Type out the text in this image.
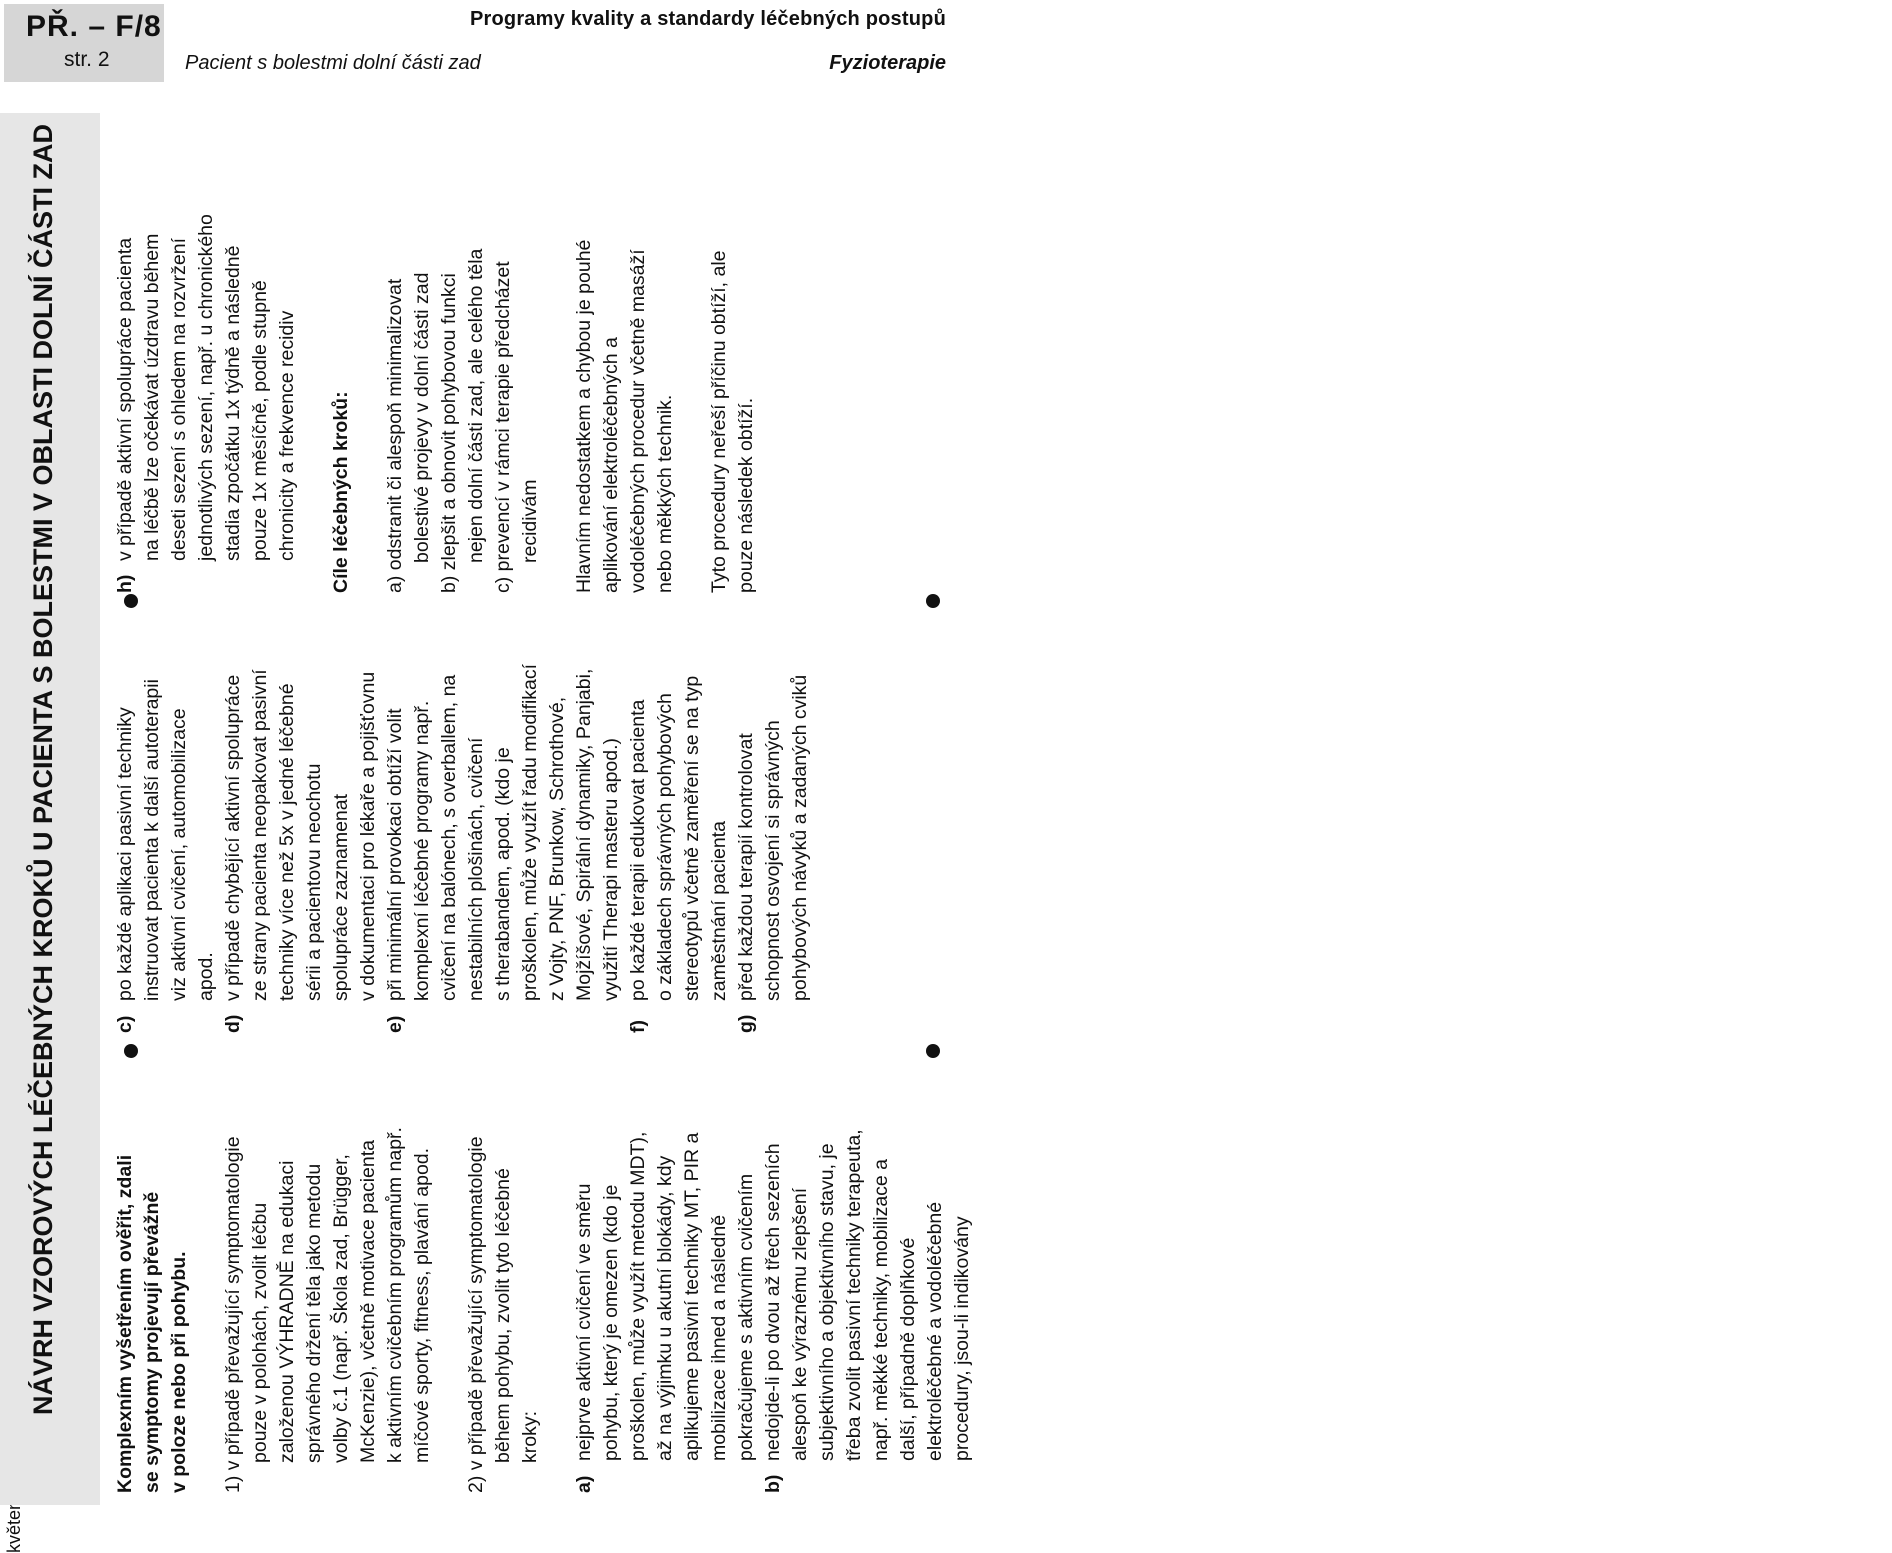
PŘ. – F/8
str. 2
Programy kvality a standardy léčebných postupů
Pacient s bolestmi dolní části zad	Fyzioterapie
NÁVRH VZOROVÝCH LÉČEBNÝCH KROKŮ U PACIENTA S BOLESTMI V OBLASTI DOLNÍ ČÁSTI ZAD	Komplexním vyšetřením ověřit, zdali se symptomy projevují převážně v poloze nebo při pohybu. 1) v případě převažující symptomatologie pouze v polohách, zvolit léčbu založenou VÝHRADNĚ na edukaci správného držení těla jako metodu volby č.1 (např. Škola zad, Brügger, McKenzie), včetně motivace pacienta k aktivním cvičebním programům např. míčové sporty, fitness, plavání apod. 2) v případě převažující symptomatologie během pohybu, zvolit tyto léčebné kroky:

a)

nejprve aktivní cvičení ve směru pohybu, který je omezen (kdo je proškolen, může využít metodu MDT), až na výjimku u akutní blokády, kdy aplikujeme pasivní techniky MT, PIR a mobilizace ihned a následně pokračujeme s aktivním cvičením

b)

nedojde-li po dvou až třech sezeních alespoň ke výraznému zlepšení subjektivního a objektivního stavu, je třeba zvolit pasivní techniky terapeuta, např. měkké techniky, mobilizace a další, případně doplňkové elektroléčebné a vodoléčebné procedury, jsou-li indikovány

c)

po každé aplikaci pasivní techniky instruovat pacienta k další autoterapii viz aktivní cvičení, automobilizace apod.

d)

v případě chybějící aktivní spolupráce ze strany pacienta neopakovat pasivní techniky více než 5x v jedné léčebné sérii a pacientovu neochotu spolupráce zaznamenat v dokumentaci pro lékaře a pojišťovnu

e)

při minimální provokaci obtíží volit komplexní léčebné programy např. cvičení na balónech, s overballem, na nestabilních plošinách, cvičení s therabandem, apod. (kdo je proškolen, může využít řadu modifikací z Vojty, PNF, Brunkow, Schrothové, Mojžíšové, Spirální dynamiky, Panjabi, využití Therapi masteru apod.)

f)

po každé terapii edukovat pacienta o základech správných pohybových stereotypů včetně zaměření se na typ zaměstnání pacienta

g)

před každou terapií kontrolovat schopnost osvojení si správných pohybových návyků a zadaných cviků

h)

v případě aktivní spolupráce pacienta na léčbě lze očekávat úzdravu během deseti sezení s ohledem na rozvržení jednotlivých sezení, např. u chronického stadia zpočátku 1x týdně a následně pouze 1x měsíčně, podle stupně chronicity a frekvence recidiv Cíle léčebných kroků: a) odstranit či alespoň minimalizovat bolestivé projevy v dolní části zad b) zlepšit a obnovit pohybovou funkci nejen dolní části zad, ale celého těla c) prevencí v rámci terapie předcházet recidivám Hlavním nedostatkem a chybou je pouhé aplikování elektroléčebných a vodoléčebných procedur včetně masáží nebo měkkých technik. Tyto procedury neřeší příčinu obtíží, ale pouze následek obtíží.
